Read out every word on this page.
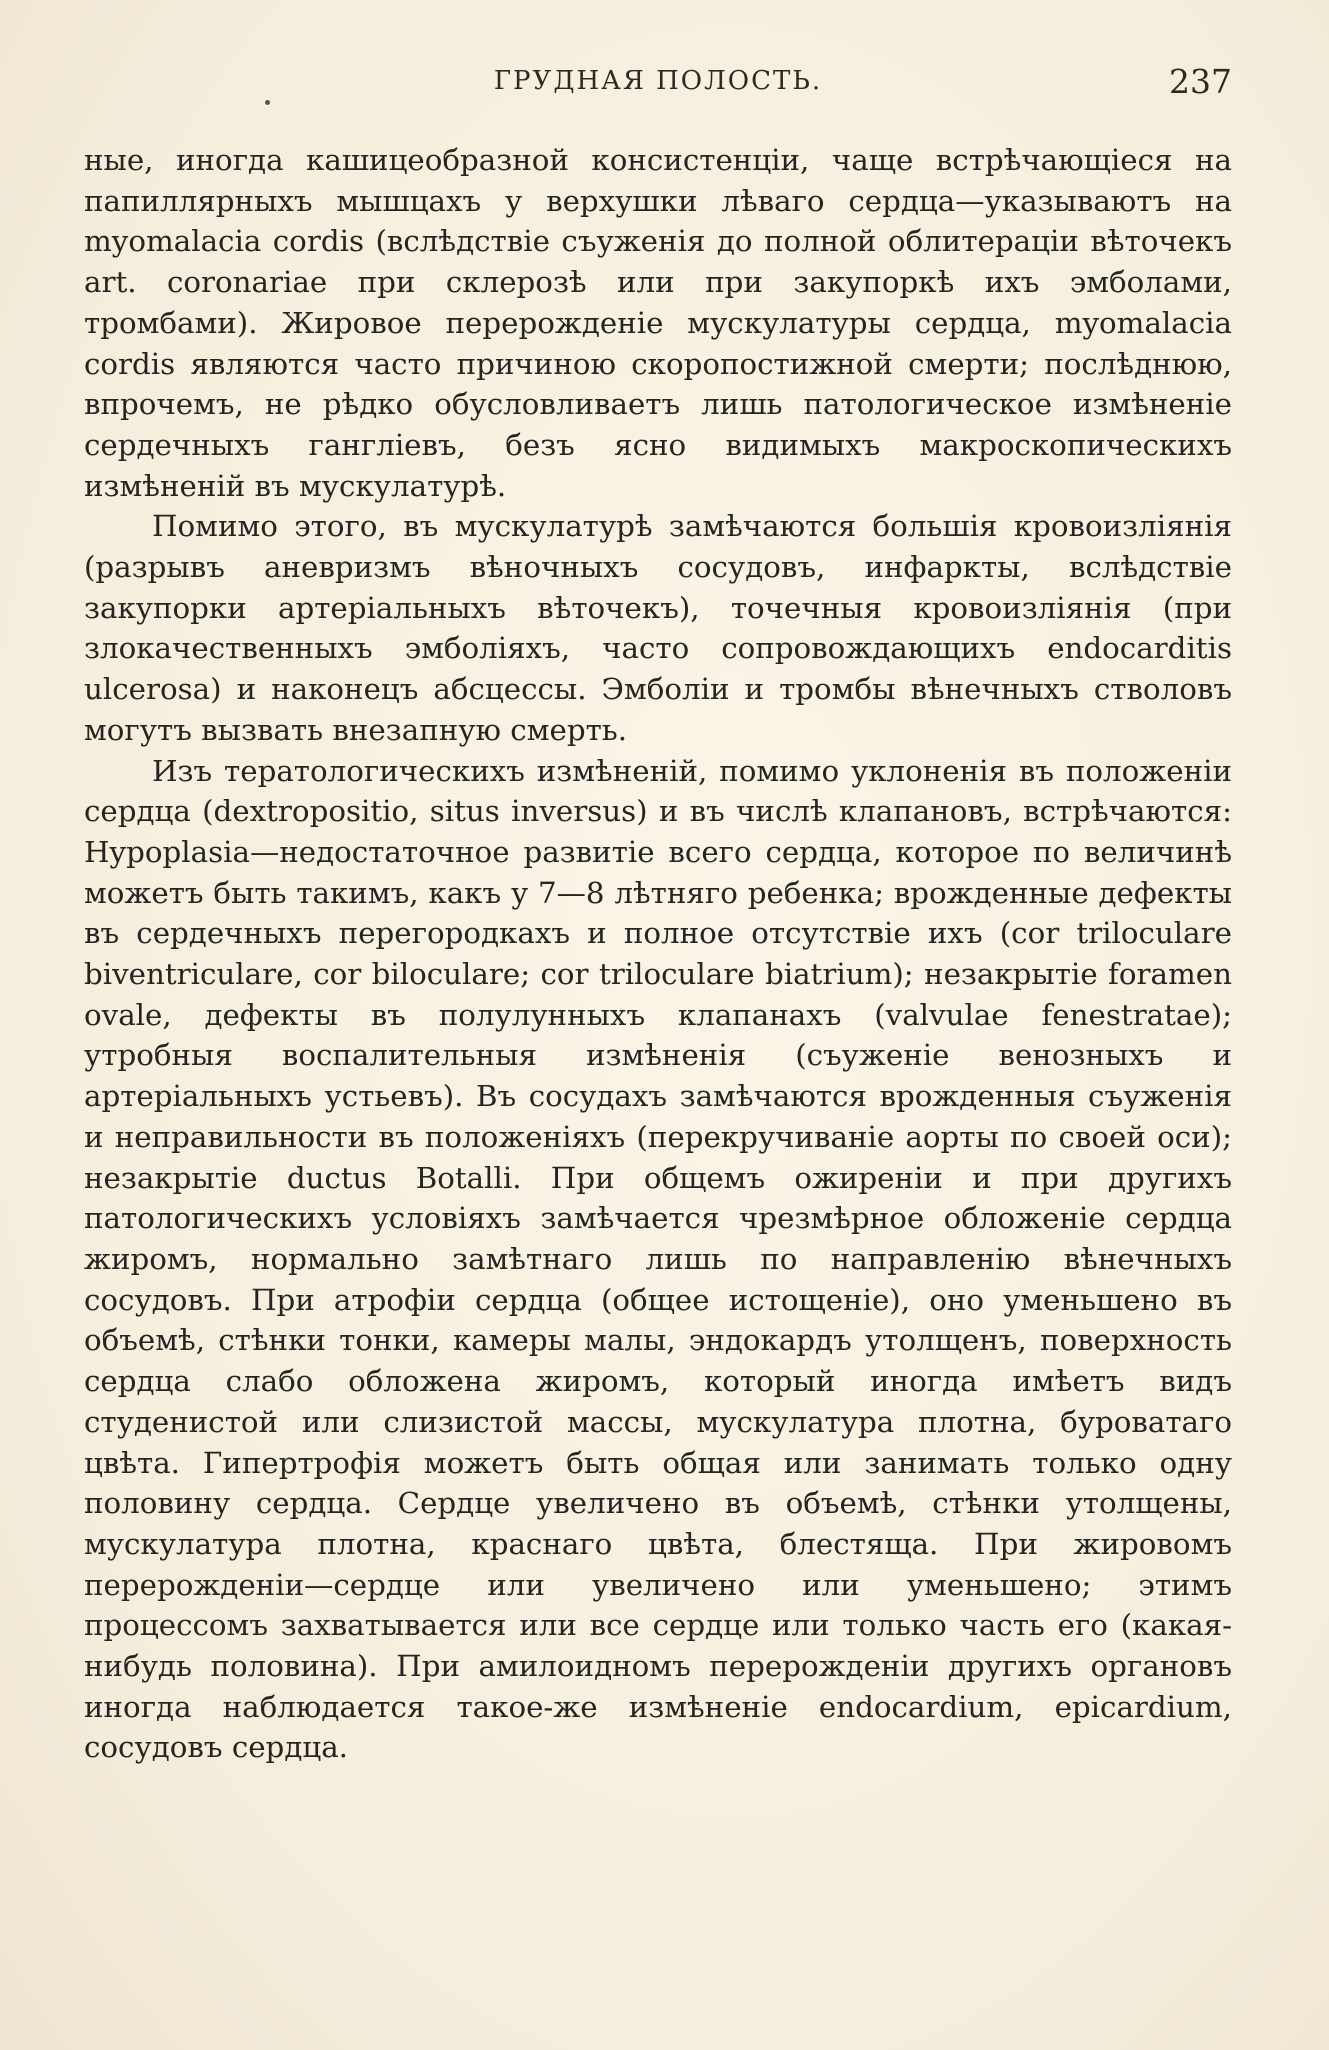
ГРУДНАЯ ПОЛОСТЬ.	237

ные, иногда кашицеобразной консистенціи, чаще встрѣчающіеся на папиллярныхъ мышцахъ у верхушки лѣваго сердца—указываютъ на myomalacia cordis (вслѣдствіе съуженія до полной облитераціи вѣточекъ art. coronariae при склерозѣ или при закупоркѣ ихъ эмболами, тромбами). Жировое перерожденіе мускулатуры сердца, myomalacia cordis являются часто причиною скоропостижной смерти; послѣднюю, впрочемъ, не рѣдко обусловливаетъ лишь патологическое измѣненіе сердечныхъ гангліевъ, безъ ясно видимыхъ макроскопическихъ измѣненій въ мускулатурѣ.

Помимо этого, въ мускулатурѣ замѣчаются большія кровоизліянія (разрывъ аневризмъ вѣночныхъ сосудовъ, инфаркты, вслѣдствіе закупорки артеріальныхъ вѣточекъ), точечныя кровоизліянія (при злокачественныхъ эмболіяхъ, часто сопровождающихъ endocarditis ulcerosa) и наконецъ абсцессы. Эмболіи и тромбы вѣнечныхъ стволовъ могутъ вызвать внезапную смерть.

Изъ тератологическихъ измѣненій, помимо уклоненія въ положеніи сердца (dextropositio, situs inversus) и въ числѣ клапановъ, встрѣчаются: Hypoplasia—недостаточное развитіе всего сердца, которое по величинѣ можетъ быть такимъ, какъ у 7—8 лѣтняго ребенка; врожденные дефекты въ сердечныхъ перегородкахъ и полное отсутствіе ихъ (cor triloculare biventriculare, cor biloculare; cor triloculare biatrium); незакрытіе foramen ovale, дефекты въ полулунныхъ клапанахъ (valvulae fenestratae); утробныя воспалительныя измѣненія (съуженіе венозныхъ и артеріальныхъ устьевъ). Въ сосудахъ замѣчаются врожденныя съуженія и неправильности въ положеніяхъ (перекручиваніе аорты по своей оси); незакрытіе ductus Botalli. При общемъ ожиреніи и при другихъ патологическихъ условіяхъ замѣчается чрезмѣрное обложеніе сердца жиромъ, нормально замѣтнаго лишь по направленію вѣнечныхъ сосудовъ. При атрофіи сердца (общее истощеніе), оно уменьшено въ объемѣ, стѣнки тонки, камеры малы, эндокардъ утолщенъ, поверхность сердца слабо обложена жиромъ, который иногда имѣетъ видъ студенистой или слизистой массы, мускулатура плотна, буроватаго цвѣта. Гипертрофія можетъ быть общая или занимать только одну половину сердца. Сердце увеличено въ объемѣ, стѣнки утолщены, мускулатура плотна, краснаго цвѣта, блестяща. При жировомъ перерожденіи—сердце или увеличено или уменьшено; этимъ процессомъ захватывается или все сердце или только часть его (какая-нибудь половина). При амилоидномъ перерожденіи другихъ органовъ иногда наблюдается такое-же измѣненіе endocardium, epicardium, сосудовъ сердца.
